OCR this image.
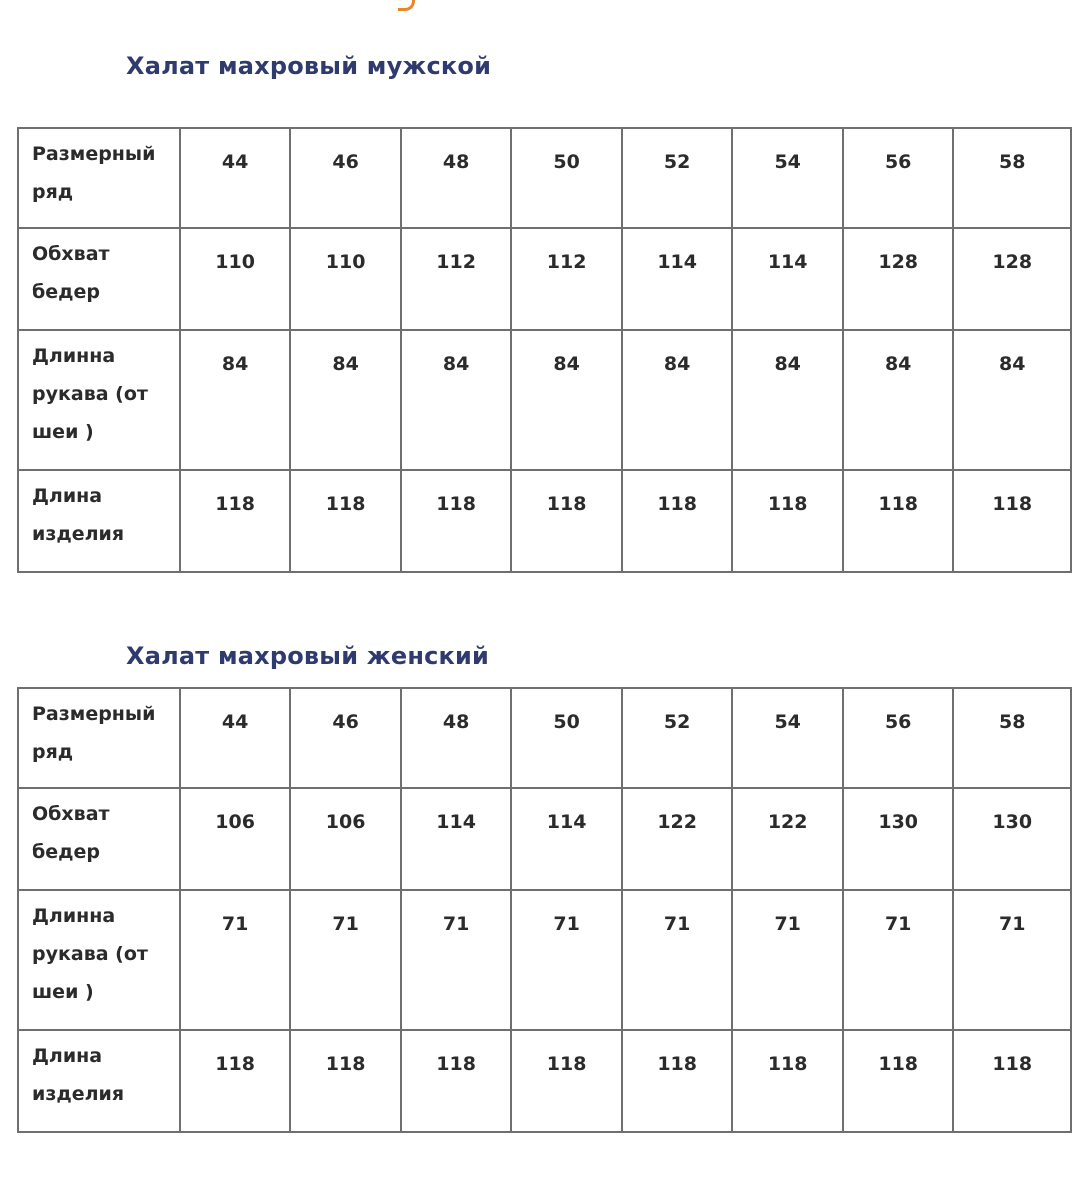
Халат махровый мужской
Размерный ряд	44	46	48	50	52	54	56	58
Обхват бедер	110	110	112	112	114	114	128	128
Длинна рукава (от шеи )	84	84	84	84	84	84	84	84
Длина изделия	118	118	118	118	118	118	118	118
Халат махровый женский
Размерный ряд	44	46	48	50	52	54	56	58
Обхват бедер	106	106	114	114	122	122	130	130
Длинна рукава (от шеи )	71	71	71	71	71	71	71	71
Длина изделия	118	118	118	118	118	118	118	118
